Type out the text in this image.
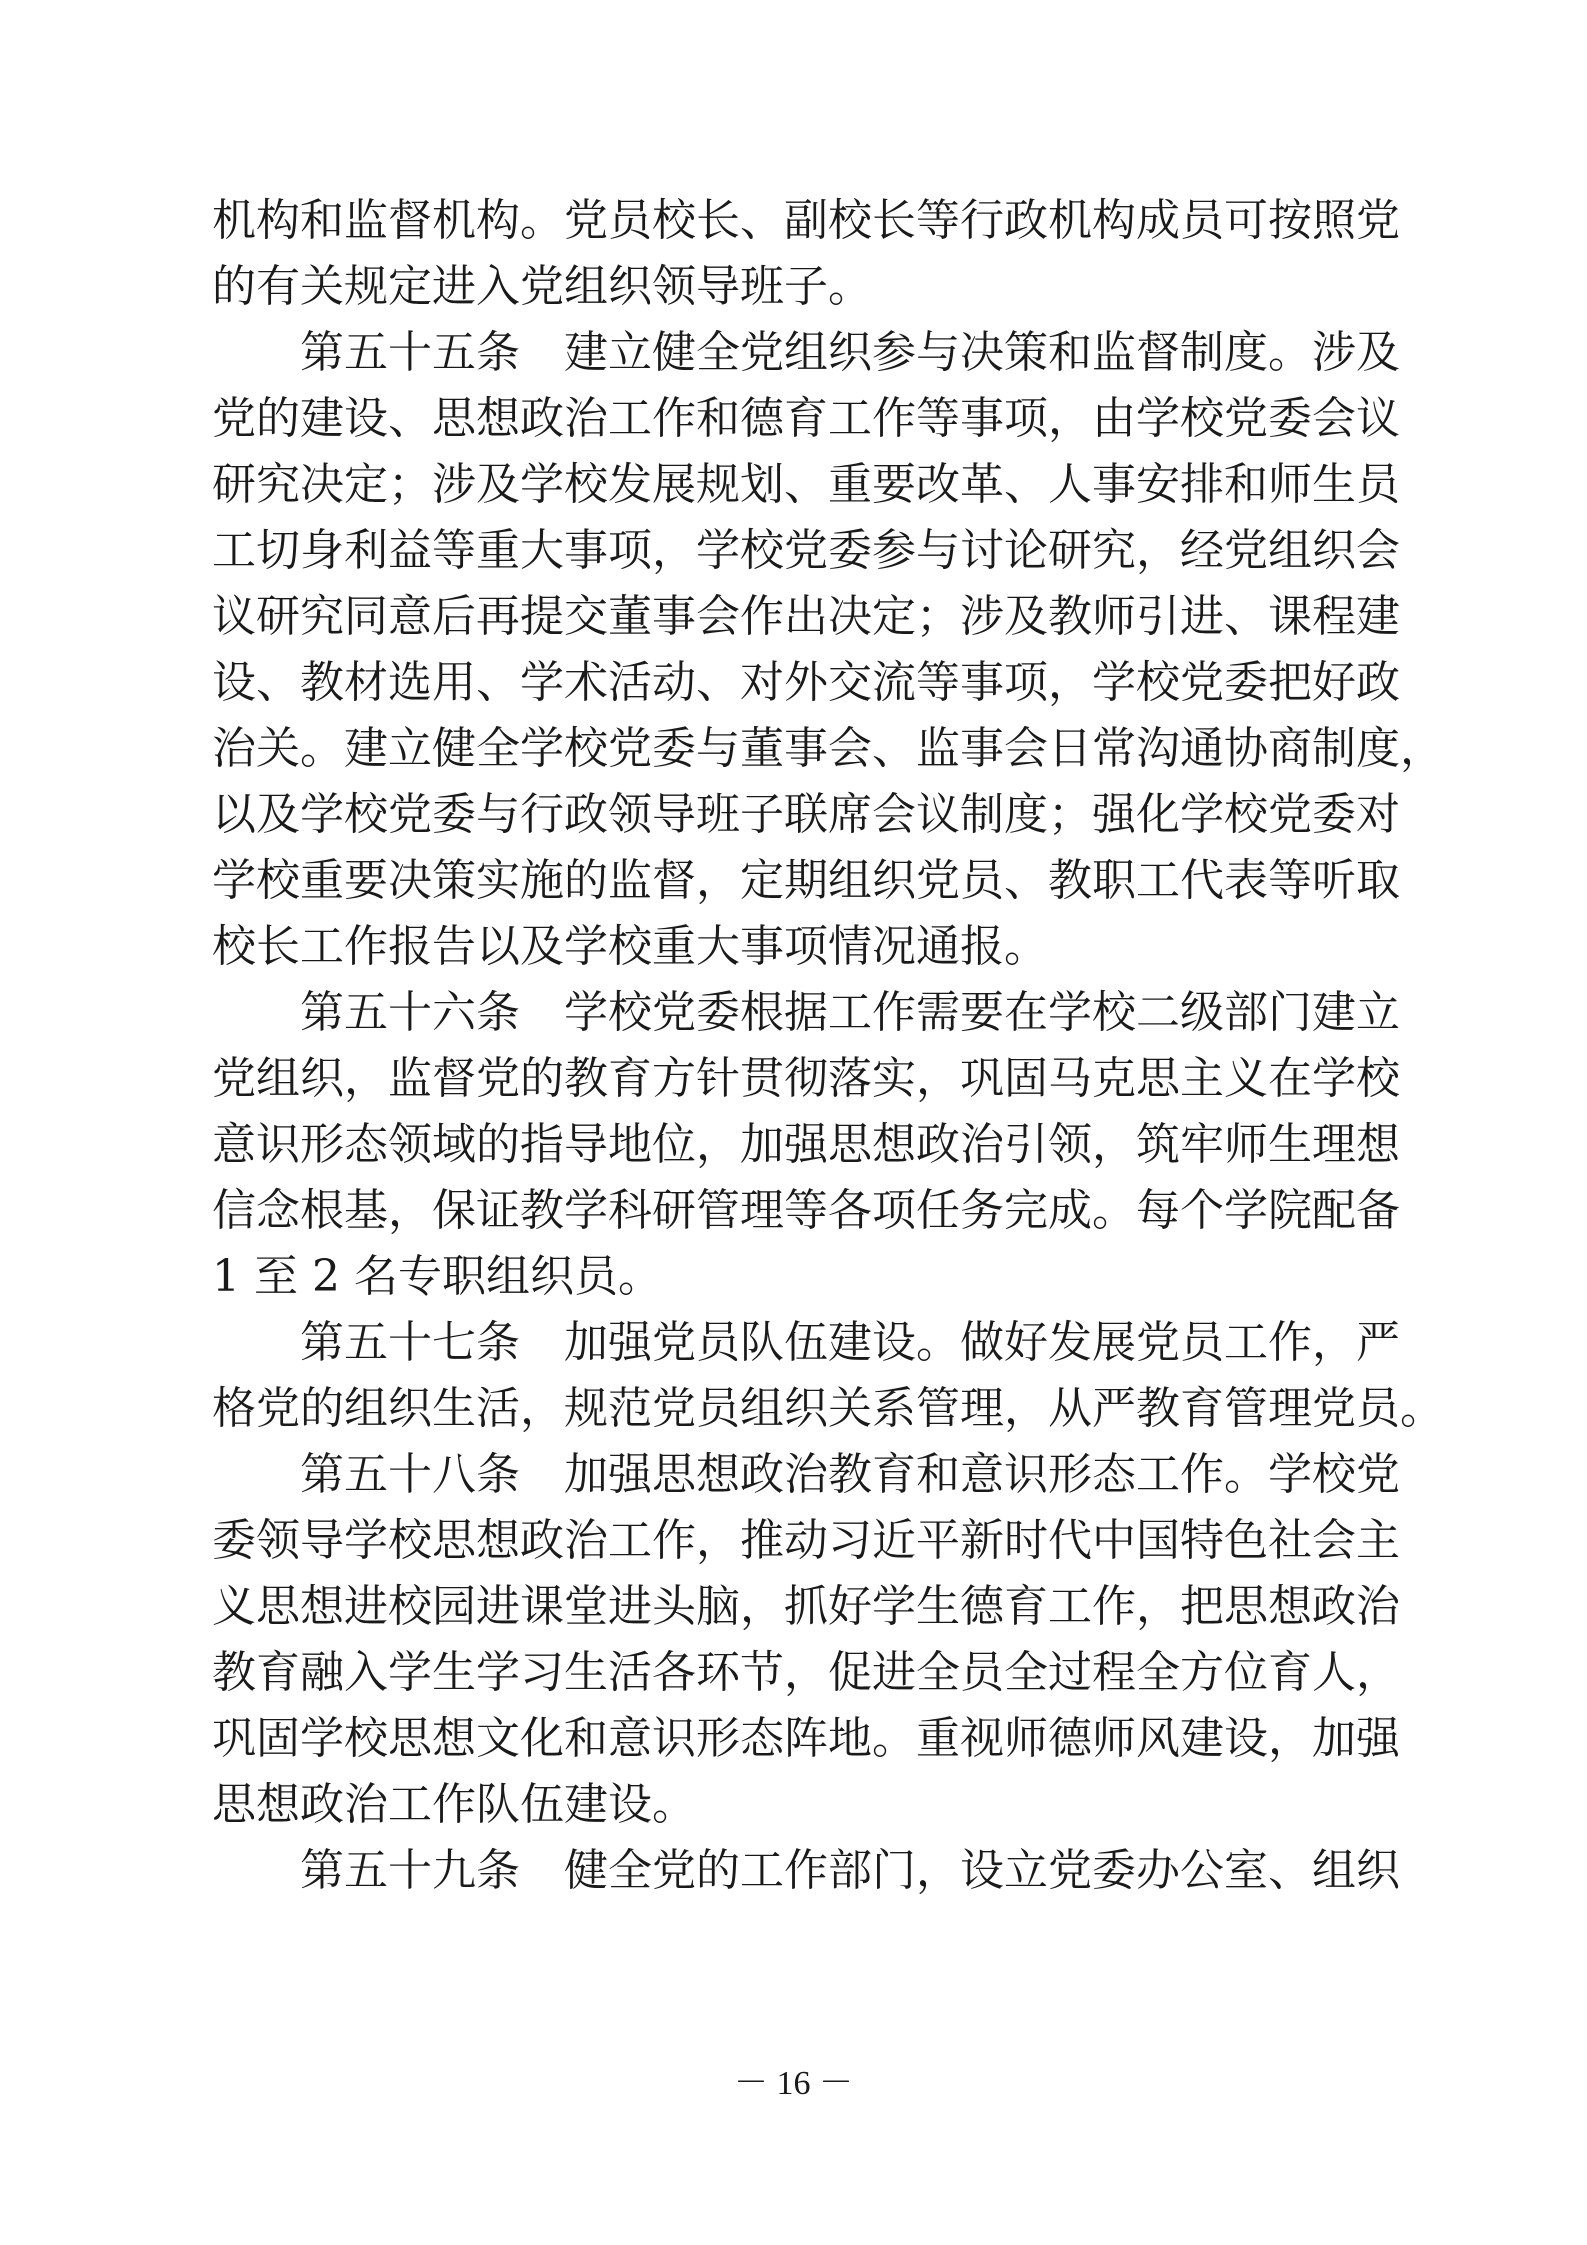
机构和监督机构。党员校长、副校长等行政机构成员可按照党
的有关规定进入党组织领导班子。
第五十五条　建立健全党组织参与决策和监督制度。涉及
党的建设、思想政治工作和德育工作等事项，由学校党委会议
研究决定；涉及学校发展规划、重要改革、人事安排和师生员
工切身利益等重大事项，学校党委参与讨论研究，经党组织会
议研究同意后再提交董事会作出决定；涉及教师引进、课程建
设、教材选用、学术活动、对外交流等事项，学校党委把好政
治关。建立健全学校党委与董事会、监事会日常沟通协商制度，
以及学校党委与行政领导班子联席会议制度；强化学校党委对
学校重要决策实施的监督，定期组织党员、教职工代表等听取
校长工作报告以及学校重大事项情况通报。
第五十六条　学校党委根据工作需要在学校二级部门建立
党组织，监督党的教育方针贯彻落实，巩固马克思主义在学校
意识形态领域的指导地位，加强思想政治引领，筑牢师生理想
信念根基，保证教学科研管理等各项任务完成。每个学院配备
1 至 2 名专职组织员。
第五十七条　加强党员队伍建设。做好发展党员工作，严
格党的组织生活，规范党员组织关系管理，从严教育管理党员。
第五十八条　加强思想政治教育和意识形态工作。学校党
委领导学校思想政治工作，推动习近平新时代中国特色社会主
义思想进校园进课堂进头脑，抓好学生德育工作，把思想政治
教育融入学生学习生活各环节，促进全员全过程全方位育人，
巩固学校思想文化和意识形态阵地。重视师德师风建设，加强
思想政治工作队伍建设。
第五十九条　健全党的工作部门，设立党委办公室、组织
－ 16 －
